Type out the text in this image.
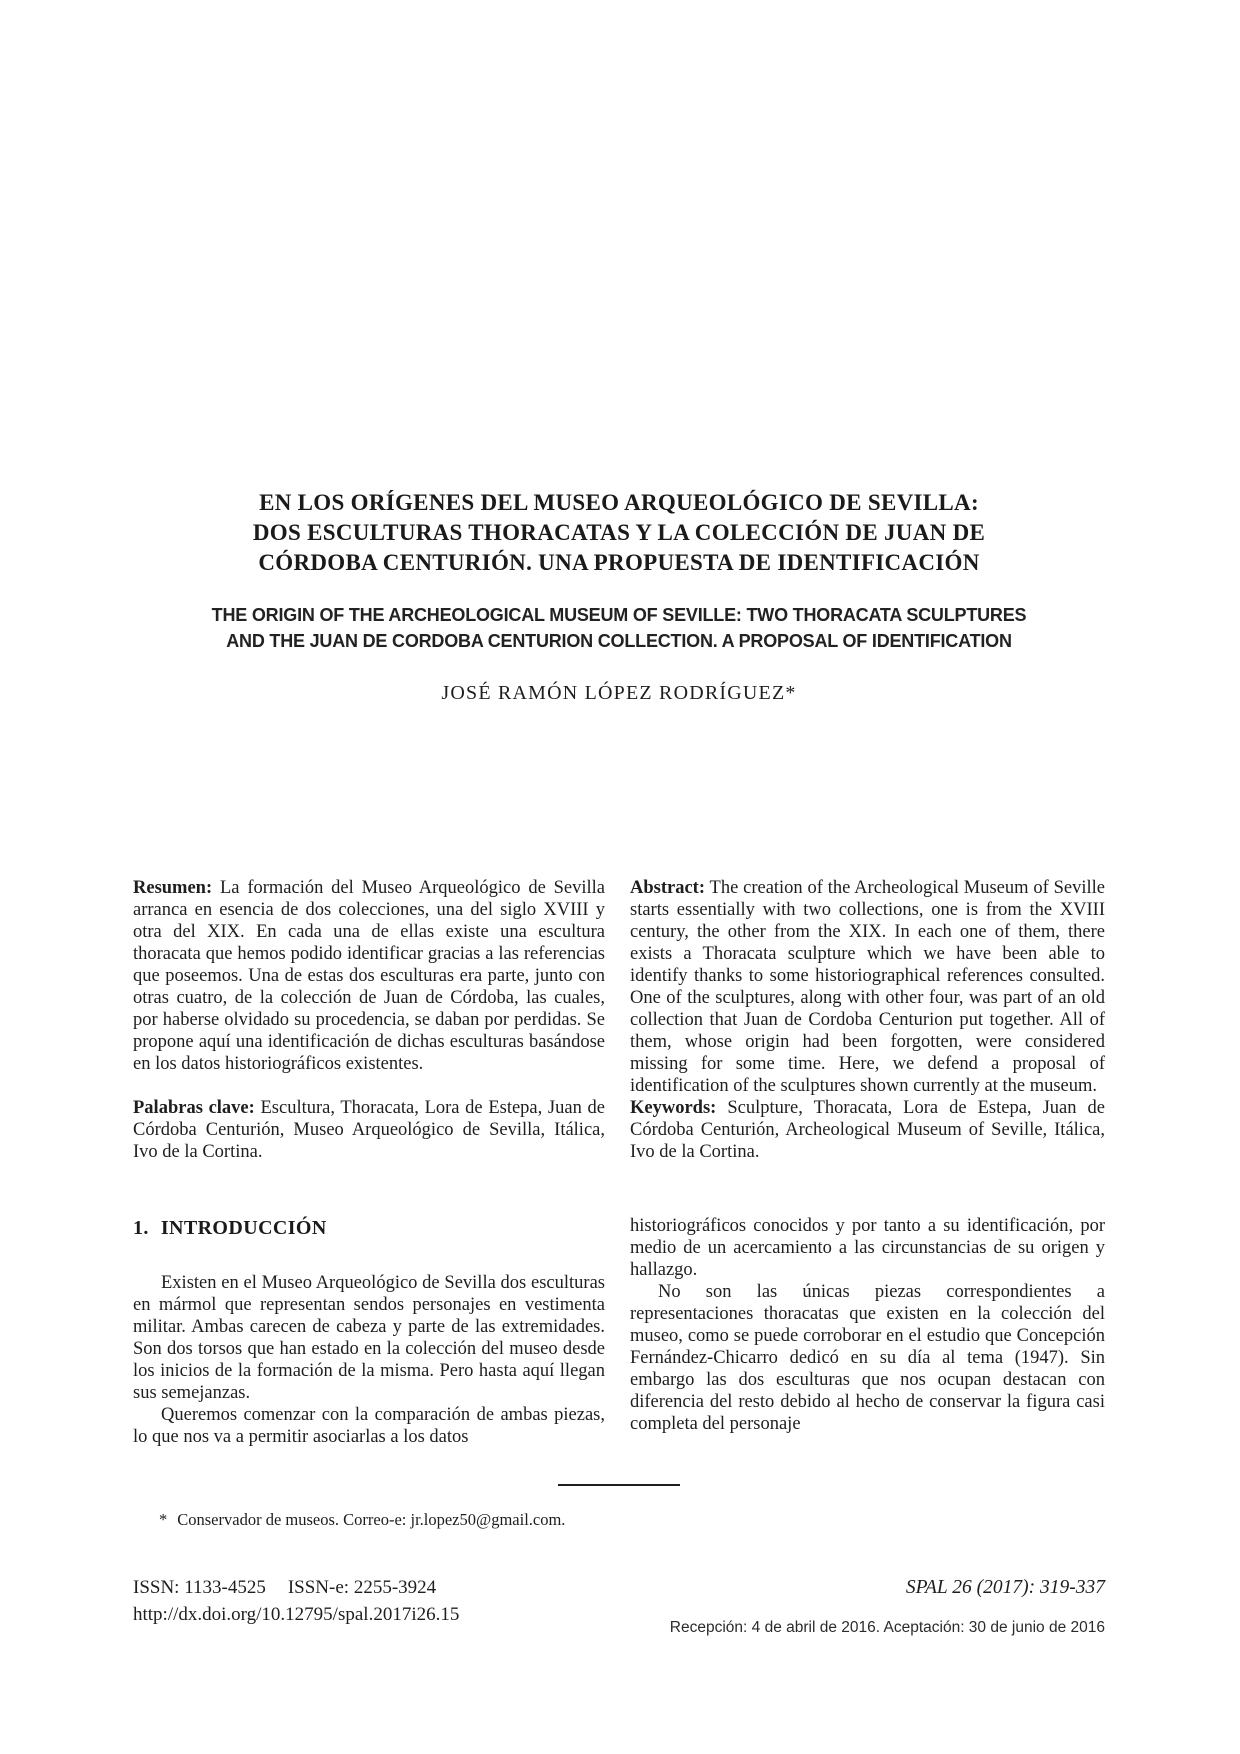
EN LOS ORÍGENES DEL MUSEO ARQUEOLÓGICO DE SEVILLA:
DOS ESCULTURAS THORACATAS Y LA COLECCIÓN DE JUAN DE
CÓRDOBA CENTURIÓN. UNA PROPUESTA DE IDENTIFICACIÓN
THE ORIGIN OF THE ARCHEOLOGICAL MUSEUM OF SEVILLE: TWO THORACATA SCULPTURES
AND THE JUAN DE CORDOBA CENTURION COLLECTION. A PROPOSAL OF IDENTIFICATION
JOSÉ RAMÓN LÓPEZ RODRÍGUEZ*

Resumen: La formación del Museo Arqueológico de Sevilla arranca en esencia de dos colecciones, una del siglo XVIII y otra del XIX. En cada una de ellas existe una escultura thoracata que hemos podido identificar gracias a las referencias que poseemos. Una de estas dos esculturas era parte, junto con otras cuatro, de la colección de Juan de Córdoba, las cuales, por haberse olvidado su procedencia, se daban por perdidas. Se propone aquí una identificación de dichas esculturas basándose en los datos historiográficos existentes.

Palabras clave: Escultura, Thoracata, Lora de Estepa, Juan de Córdoba Centurión, Museo Arqueológico de Sevilla, Itálica, Ivo de la Cortina.

Abstract: The creation of the Archeological Museum of Seville starts essentially with two collections, one is from the XVIII century, the other from the XIX. In each one of them, there exists a Thoracata sculpture which we have been able to identify thanks to some historiographical references consulted. One of the sculptures, along with other four, was part of an old collection that Juan de Cordoba Centurion put together. All of them, whose origin had been forgotten, were considered missing for some time. Here, we defend a proposal of identification of the sculptures shown currently at the museum.

Keywords: Sculpture, Thoracata, Lora de Estepa, Juan de Córdoba Centurión, Archeological Museum of Seville, Itálica, Ivo de la Cortina.

1. INTRODUCCIÓN

Existen en el Museo Arqueológico de Sevilla dos esculturas en mármol que representan sendos personajes en vestimenta militar. Ambas carecen de cabeza y parte de las extremidades. Son dos torsos que han estado en la colección del museo desde los inicios de la formación de la misma. Pero hasta aquí llegan sus semejanzas.

Queremos comenzar con la comparación de ambas piezas, lo que nos va a permitir asociarlas a los datos

historiográficos conocidos y por tanto a su identificación, por medio de un acercamiento a las circunstancias de su origen y hallazgo.

No son las únicas piezas correspondientes a representaciones thoracatas que existen en la colección del museo, como se puede corroborar en el estudio que Concepción Fernández-Chicarro dedicó en su día al tema (1947). Sin embargo las dos esculturas que nos ocupan destacan con diferencia del resto debido al hecho de conservar la figura casi completa del personaje

* Conservador de museos. Correo-e: jr.lopez50@gmail.com.
ISSN: 1133-4525 ISSN-e: 2255-3924
http://dx.doi.org/10.12795/spal.2017i26.15
SPAL 26 (2017): 319-337
Recepción: 4 de abril de 2016. Aceptación: 30 de junio de 2016
